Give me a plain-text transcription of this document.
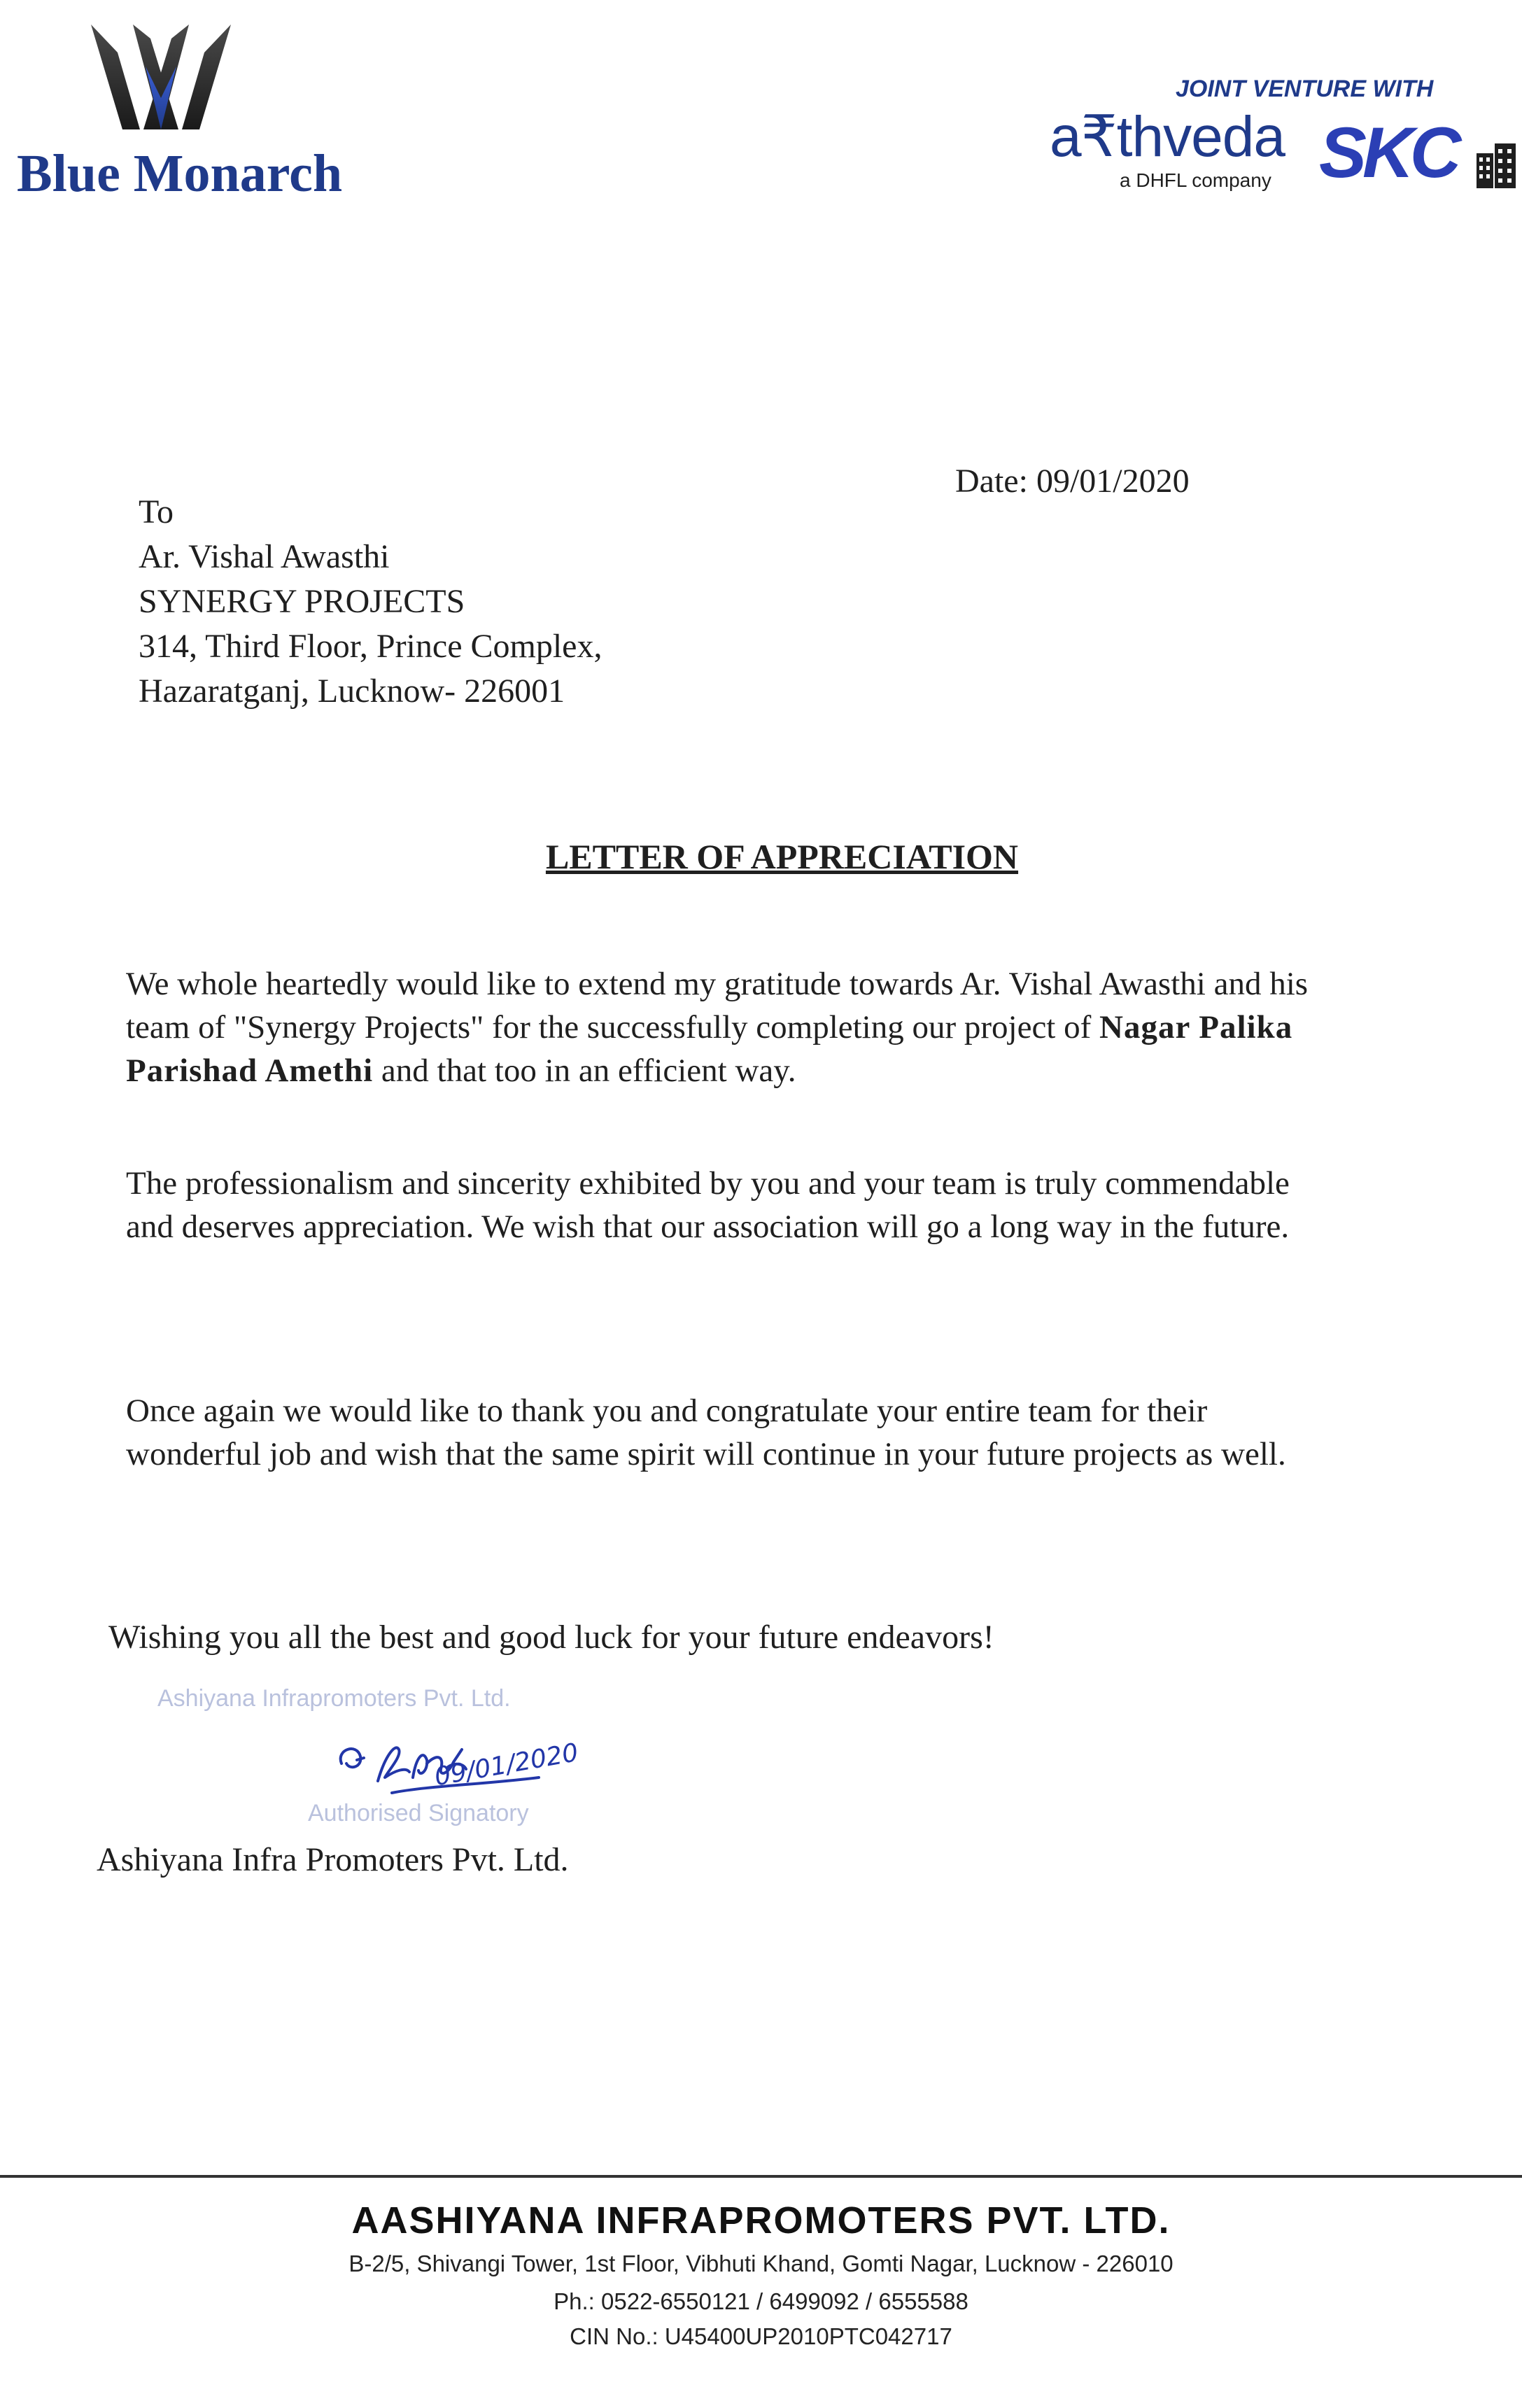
Blue Monarch
JOINT VENTURE WITH
a₹thveda
a DHFL company SKC
Date: 09/01/2020
To
Ar. Vishal Awasthi
SYNERGY PROJECTS
314, Third Floor, Prince Complex,
Hazaratganj, Lucknow- 226001
LETTER OF APPRECIATION
We whole heartedly would like to extend my gratitude towards Ar. Vishal Awasthi and his team of "Synergy Projects" for the successfully completing our project of Nagar Palika Parishad Amethi and that too in an efficient way.
The professionalism and sincerity exhibited by you and your team is truly commendable and deserves appreciation. We wish that our association will go a long way in the future.
Once again we would like to thank you and congratulate your entire team for their wonderful job and wish that the same spirit will continue in your future projects as well.
Wishing you all the best and good luck for your future endeavors!
Ashiyana Infrapromoters Pvt. Ltd.
09/01/2020
Authorised Signatory
Ashiyana Infra Promoters Pvt. Ltd.
AASHIYANA INFRAPROMOTERS PVT. LTD.
B-2/5, Shivangi Tower, 1st Floor, Vibhuti Khand, Gomti Nagar, Lucknow - 226010
Ph.: 0522-6550121 / 6499092 / 6555588
CIN No.: U45400UP2010PTC042717
